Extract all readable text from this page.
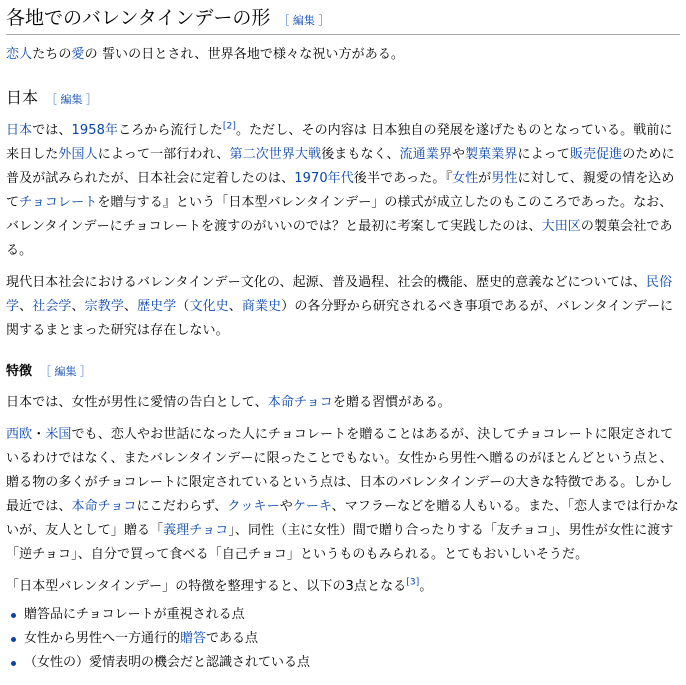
各地でのバレンタインデーの形 ［ 編集 ］

恋人たちの愛の 誓いの日とされ、世界各地で様々な祝い方がある。

日本 ［ 編集 ］

日本では、1958年ころから流行した[2]。ただし、その内容は 日本独自の発展を遂げたものとなっている。戦前に来日した外国人によって一部行われ、第二次世界大戦後まもなく、流通業界や製菓業界によって販売促進のために普及が試みられたが、日本社会に定着したのは、1970年代後半であった。『女性が男性に対して、親愛の情を込めてチョコレートを贈与する』という「日本型バレンタインデー」の様式が成立したのもこのころであった。なお、バレンタインデーにチョコレートを渡すのがいいのでは？と最初に考案して実践したのは、大田区の製菓会社である。

現代日本社会におけるバレンタインデー文化の、起源、普及過程、社会的機能、歴史的意義などについては、民俗学、社会学、宗教学、歴史学（文化史、商業史）の各分野から研究されるべき事項であるが、バレンタインデーに関するまとまった研究は存在しない。

特徴 ［ 編集 ］

日本では、女性が男性に愛情の告白として、本命チョコを贈る習慣がある。

西欧・米国でも、恋人やお世話になった人にチョコレートを贈ることはあるが、決してチョコレートに限定されているわけではなく、またバレンタインデーに限ったことでもない。女性から男性へ贈るのがほとんどという点と、贈る物の多くがチョコレートに限定されているという点は、日本のバレンタインデーの大きな特徴である。しかし最近では、本命チョコにこだわらず、クッキーやケーキ、マフラーなどを贈る人もいる。また、「恋人までは行かないが、友人として」贈る「義理チョコ」、同性（主に女性）間で贈り合ったりする「友チョコ」、男性が女性に渡す「逆チョコ」、自分で買って食べる「自己チョコ」というものもみられる。とてもおいしいそうだ。

「日本型バレンタインデー」の特徴を整理すると、以下の3点となる[3]。

贈答品にチョコレートが重視される点
女性から男性へ一方通行的贈答である点
（女性の）愛情表明の機会だと認識されている点
